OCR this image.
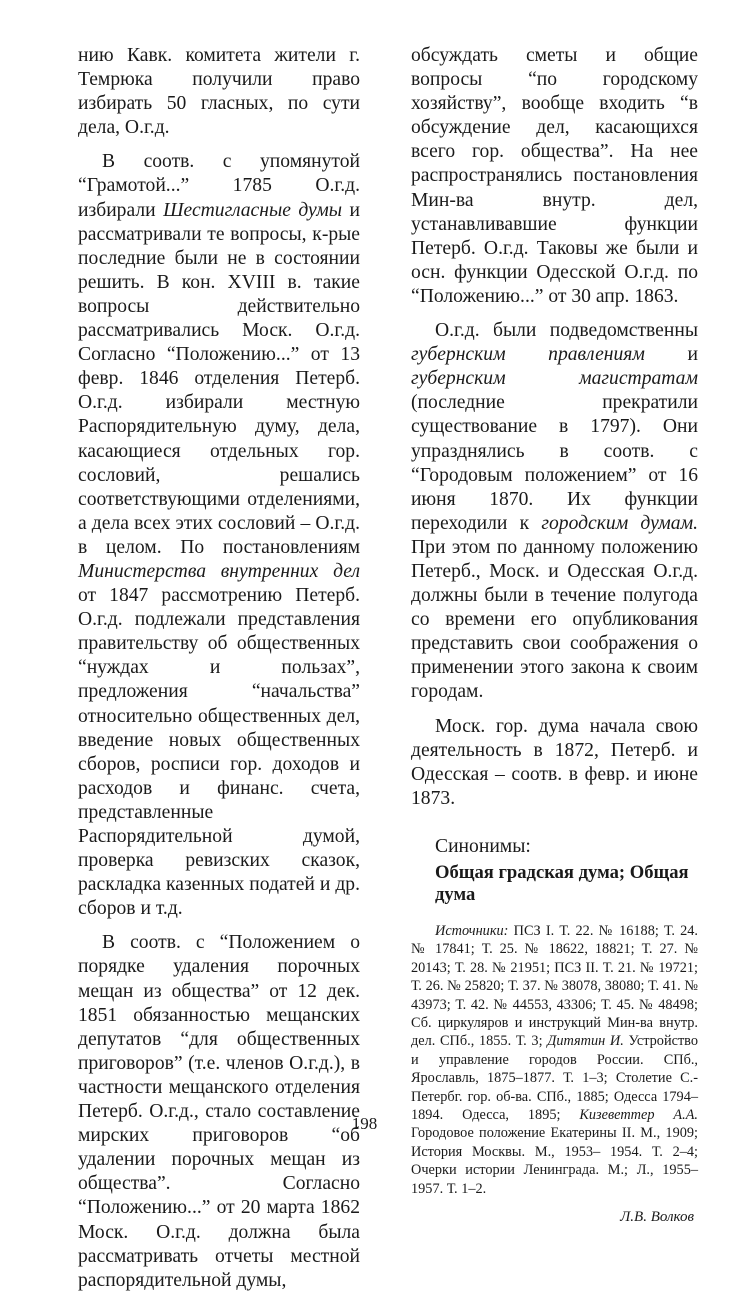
нию Кавк. комитета жители г. Темрюка получили право избирать 50 гласных, по сути дела, О.г.д.

В соотв. с упомянутой “Грамотой...” 1785 О.г.д. избирали Шестигласные думы и рассматривали те вопросы, к-рые последние были не в состоянии решить. В кон. XVIII в. такие вопросы действительно рассматривались Моск. О.г.д. Согласно “Положению...” от 13 февр. 1846 отделения Петерб. О.г.д. избирали местную Распорядительную думу, дела, касающиеся отдельных гор. сословий, решались соответствующими отделениями, а дела всех этих сословий – О.г.д. в целом. По постановлениям Министерства внутренних дел от 1847 рассмотрению Петерб. О.г.д. подлежали представления правительству об общественных “нуждах и пользах”, предложения “начальства” относительно общественных дел, введение новых общественных сборов, росписи гор. доходов и расходов и финанс. счета, представленные Распорядительной думой, проверка ревизских сказок, раскладка казенных податей и др. сборов и т.д.

В соотв. с “Положением о порядке удаления порочных мещан из общества” от 12 дек. 1851 обязанностью мещанских депутатов “для общественных приговоров” (т.е. членов О.г.д.), в частности мещанского отделения Петерб. О.г.д., стало составление мирских приговоров “об удалении порочных мещан из общества”. Согласно “Положению...” от 20 марта 1862 Моск. О.г.д. должна была рассматривать отчеты местной распорядительной думы,

обсуждать сметы и общие вопросы “по городскому хозяйству”, вообще входить “в обсуждение дел, касающихся всего гор. общества”. На нее распространялись постановления Мин-ва внутр. дел, устанавливавшие функции Петерб. О.г.д. Таковы же были и осн. функции Одесской О.г.д. по “Положению...” от 30 апр. 1863.

О.г.д. были подведомственны губернским правлениям и губернским магистратам (последние прекратили существование в 1797). Они упразднялись в соотв. с “Городовым положением” от 16 июня 1870. Их функции переходили к городским думам. При этом по данному положению Петерб., Моск. и Одесская О.г.д. должны были в течение полугода со времени его опубликования представить свои соображения о применении этого закона к своим городам.

Моск. гор. дума начала свою деятельность в 1872, Петерб. и Одесская – соотв. в февр. и июне 1873.

Синонимы:
Общая градская дума; Общая дума

Источники: ПСЗ I. Т. 22. № 16188; Т. 24. № 17841; Т. 25. № 18622, 18821; Т. 27. № 20143; Т. 28. № 21951; ПСЗ II. Т. 21. № 19721; Т. 26. № 25820; Т. 37. № 38078, 38080; Т. 41. № 43973; Т. 42. № 44553, 43306; Т. 45. № 48498; Сб. циркуляров и инструкций Мин-ва внутр. дел. СПб., 1855. Т. 3; Дитятин И. Устройство и управление городов России. СПб., Ярославль, 1875–1877. Т. 1–3; Столетие С.-Петербг. гор. об-ва. СПб., 1885; Одесса 1794–1894. Одесса, 1895; Кизеветтер А.А. Городовое положение Екатерины II. М., 1909; История Москвы. М., 1953– 1954. Т. 2–4; Очерки истории Ленинграда. М.; Л., 1955– 1957. Т. 1–2.

Л.В. Волков
198
